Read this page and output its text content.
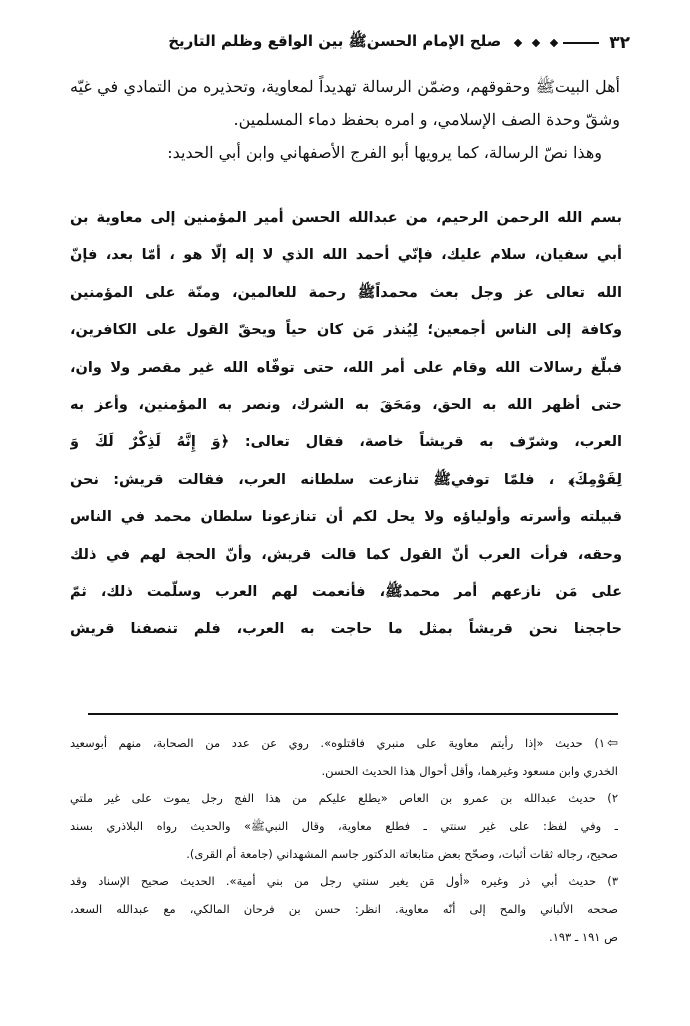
٣٢
صلح الإمام الحسنﷺ بين الواقع وظلم التاريخ

أهل البيتﷺ وحقوقهم، وضمّن الرسالة تهديداً لمعاوية، وتحذيره من التمادي في غيّه وشقّ وحدة الصف الإسلامي، و امره بحفظ دماء المسلمين.

وهذا نصّ الرسالة، كما يرويها أبو الفرج الأصفهاني وابن أبي الحديد:

بسم الله الرحمن الرحيم، من عبدالله الحسن أمير المؤمنين إلى معاوية بن
أبي سفيان، سلام عليك، فإنّي أحمد الله الذي لا إله إلّا هو ، أمّا بعد، فإنّ
الله تعالى عز وجل بعث محمداًﷺ رحمة للعالمين، ومنّة على المؤمنين
وكافة إلى الناس أجمعين؛ لِيُنذر مَن كان حياً ويحقّ القول على الكافرين،
فبلّغ رسالات الله وقام على أمر الله، حتى توفّاه الله غير مقصر ولا وان،
حتى أظهر الله به الحق، ومَحَقَ به الشرك، ونصر به المؤمنين، وأعز به
العرب، وشرّف به قريشاً خاصة، فقال تعالى: ﴿وَ إِنَّهُ لَذِكْرٌ لَكَ وَ
لِقَوْمِكَ﴾ ، فلمّا توفيﷺ تنازعت سلطانه العرب، فقالت قريش: نحن
قبيلته وأسرته وأولياؤه ولا يحل لكم أن تنازعونا سلطان محمد في الناس
وحقه، فرأت العرب أنّ القول كما قالت قريش، وأنّ الحجة لهم في ذلك
على مَن نازعهم أمر محمدﷺ، فأنعمت لهم العرب وسلّمت ذلك، ثمّ
حاججنا نحن قريشاً بمثل ما حاجت به العرب، فلم تنصفنا قريش
⇦١) حديث «إذا رأيتم معاوية على منبري فاقتلوه». روي عن عدد من الصحابة، منهم أبوسعيد
الخدري وابن مسعود وغيرهما، وأقل أحوال هذا الحديث الحسن.
٢) حديث عبدالله بن عمرو بن العاص «يطلع عليكم من هذا الفج رجل يموت على غير ملتي
ـ وفي لفظ: على غير سنتي ـ فطلع معاوية، وقال النبيﷺ» والحديث رواه البلاذري بسند
صحيح، رجاله ثقات أثبات، وصحّح بعض متابعاته الدكتور جاسم المشهداني (جامعة أم القرى).
٣) حديث أبي ذر وغيره «أول مَن يغير سنتي رجل من بني أمية». الحديث صحيح الإسناد وقد
صححه الألباني والمح إلى أنّه معاوية. انظر: حسن بن فرحان المالكي، مع عبدالله السعد،
ص ١٩١ ـ ١٩٣.
